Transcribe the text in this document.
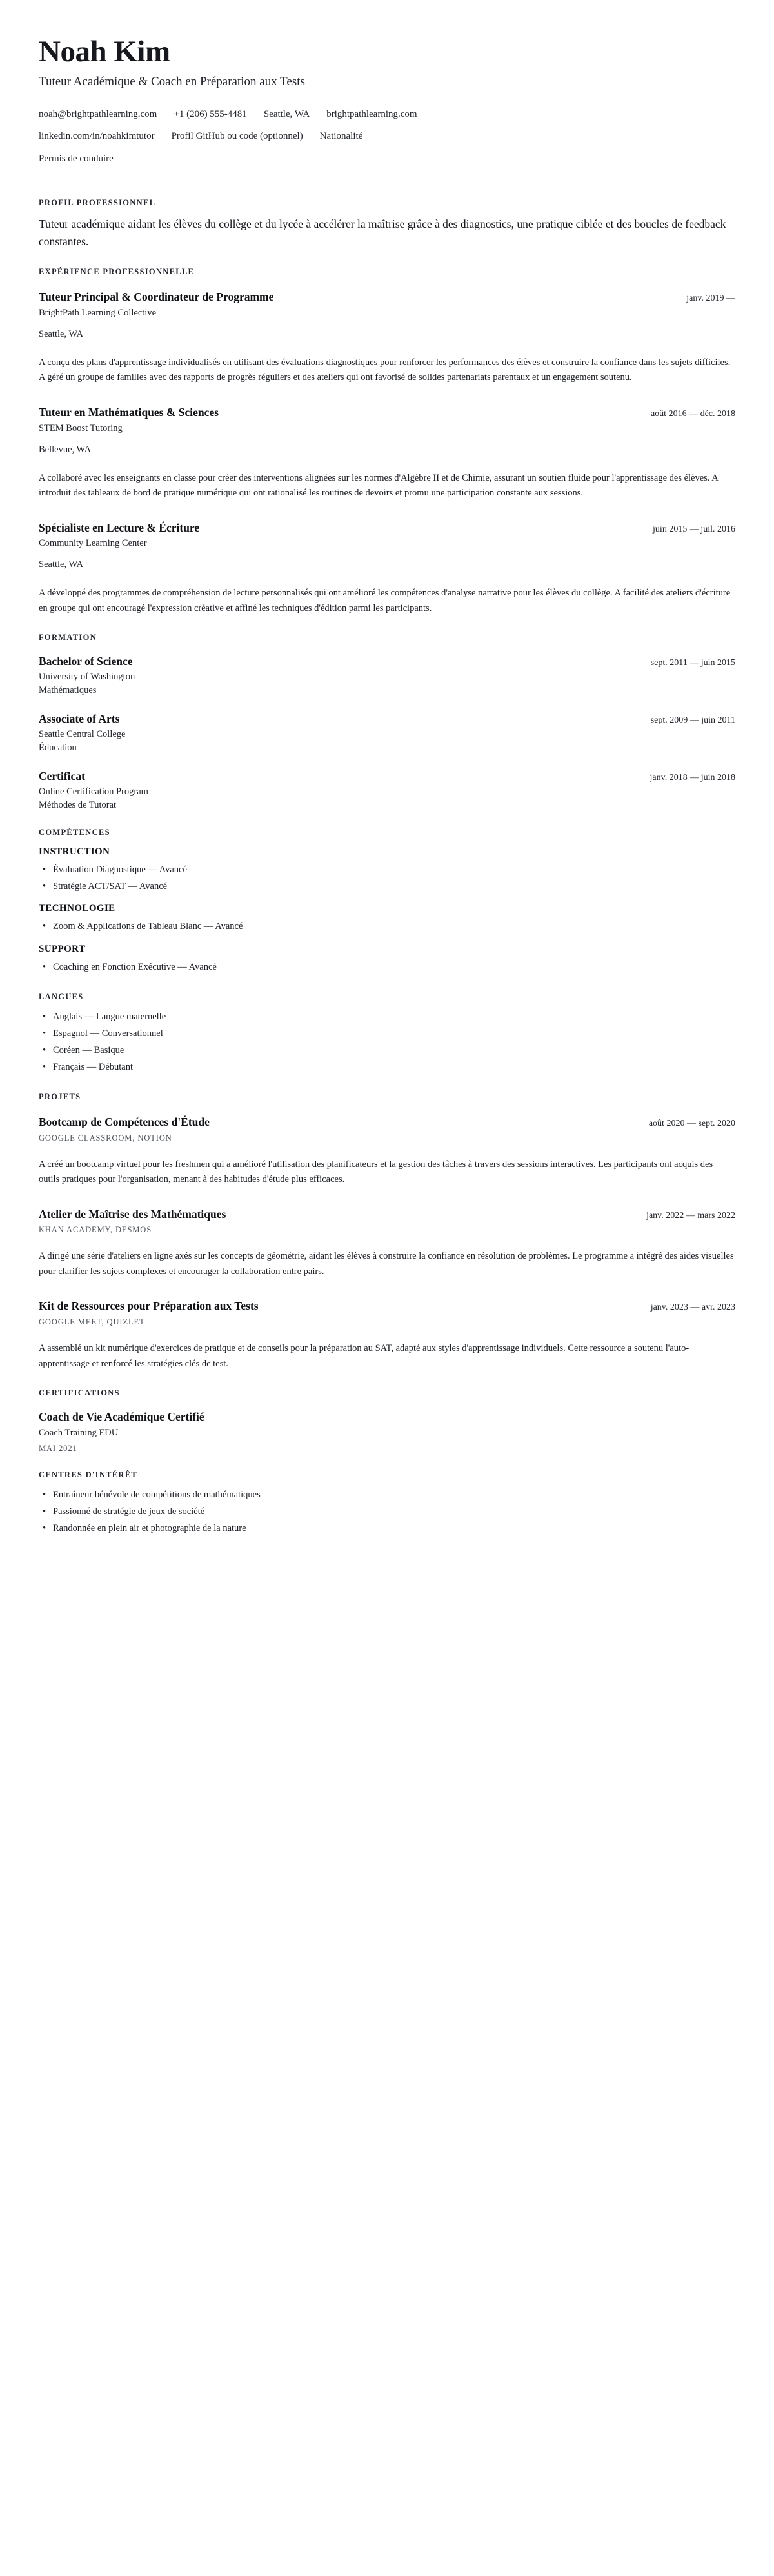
Noah Kim
Tuteur Académique & Coach en Préparation aux Tests
noah@brightpathlearning.com +1 (206) 555-4481 Seattle, WA brightpathlearning.com
linkedin.com/in/noahkimtutor Profil GitHub ou code (optionnel) Nationalité
Permis de conduire
PROFIL PROFESSIONNEL

Tuteur académique aidant les élèves du collège et du lycée à accélérer la maîtrise grâce à des diagnostics, une pratique ciblée et des boucles de feedback constantes.

EXPÉRIENCE PROFESSIONNELLE
Tuteur Principal & Coordinateur de Programme	janv. 2019 —
BrightPath Learning Collective
Seattle, WA
A conçu des plans d'apprentissage individualisés en utilisant des évaluations diagnostiques pour renforcer les performances des élèves et construire la confiance dans les sujets difficiles. A géré un groupe de familles avec des rapports de progrès réguliers et des ateliers qui ont favorisé de solides partenariats parentaux et un engagement soutenu.
Tuteur en Mathématiques & Sciences	août 2016 — déc. 2018
STEM Boost Tutoring
Bellevue, WA
A collaboré avec les enseignants en classe pour créer des interventions alignées sur les normes d'Algèbre II et de Chimie, assurant un soutien fluide pour l'apprentissage des élèves. A introduit des tableaux de bord de pratique numérique qui ont rationalisé les routines de devoirs et promu une participation constante aux sessions.
Spécialiste en Lecture & Écriture	juin 2015 — juil. 2016
Community Learning Center
Seattle, WA
A développé des programmes de compréhension de lecture personnalisés qui ont amélioré les compétences d'analyse narrative pour les élèves du collège. A facilité des ateliers d'écriture en groupe qui ont encouragé l'expression créative et affiné les techniques d'édition parmi les participants.
FORMATION
Bachelor of Science	sept. 2011 — juin 2015
University of Washington
Mathématiques
Associate of Arts	sept. 2009 — juin 2011
Seattle Central College
Éducation
Certificat	janv. 2018 — juin 2018
Online Certification Program
Méthodes de Tutorat
COMPÉTENCES
INSTRUCTION
• Évaluation Diagnostique — Avancé
• Stratégie ACT/SAT — Avancé
TECHNOLOGIE
• Zoom & Applications de Tableau Blanc — Avancé
SUPPORT
• Coaching en Fonction Exécutive — Avancé
LANGUES
• Anglais — Langue maternelle
• Espagnol — Conversationnel
• Coréen — Basique
• Français — Débutant
PROJETS
Bootcamp de Compétences d'Étude	août 2020 — sept. 2020
GOOGLE CLASSROOM, NOTION
A créé un bootcamp virtuel pour les freshmen qui a amélioré l'utilisation des planificateurs et la gestion des tâches à travers des sessions interactives. Les participants ont acquis des outils pratiques pour l'organisation, menant à des habitudes d'étude plus efficaces.
Atelier de Maîtrise des Mathématiques	janv. 2022 — mars 2022
KHAN ACADEMY, DESMOS
A dirigé une série d'ateliers en ligne axés sur les concepts de géométrie, aidant les élèves à construire la confiance en résolution de problèmes. Le programme a intégré des aides visuelles pour clarifier les sujets complexes et encourager la collaboration entre pairs.
Kit de Ressources pour Préparation aux Tests	janv. 2023 — avr. 2023
GOOGLE MEET, QUIZLET
A assemblé un kit numérique d'exercices de pratique et de conseils pour la préparation au SAT, adapté aux styles d'apprentissage individuels. Cette ressource a soutenu l'auto-apprentissage et renforcé les stratégies clés de test.
CERTIFICATIONS
Coach de Vie Académique Certifié
Coach Training EDU
MAI 2021
CENTRES D'INTÉRÊT
• Entraîneur bénévole de compétitions de mathématiques
• Passionné de stratégie de jeux de société
• Randonnée en plein air et photographie de la nature
